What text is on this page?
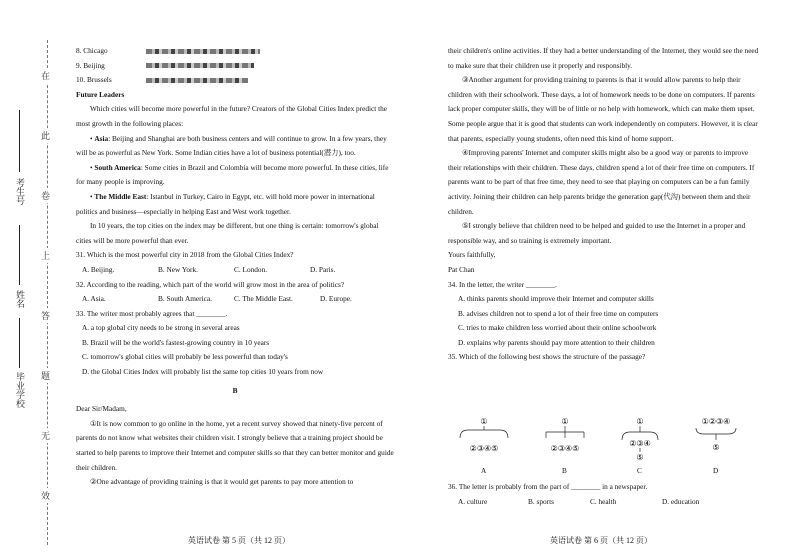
在
此
卷
上
答
题
无
效
考生号
姓名
毕业学校

8. Chicago

9. Beijing

10. Brussels

Future Leaders

Which cities will become more powerful in the future? Creators of the Global Cities Index predict the most growth in the following places:

• Asia: Beijing and Shanghai are both business centers and will continue to grow. In a few years, they will be as powerful as New York. Some Indian cities have a lot of business potential(潜力), too.

• South America: Some cities in Brazil and Colombia will become more powerful. In these cities, life for many people is improving.

• The Middle East: Istanbul in Turkey, Cairo in Egypt, etc. will hold more power in international politics and business—especially in helping East and West work together.

In 10 years, the top cities on the index may be different, but one thing is certain: tomorrow's global cities will be more powerful than ever.

31. Which is the most powerful city in 2018 from the Global Cities Index?

A. Beijing.	B. New York.	C. London.	D. Paris.

32. According to the reading, which part of the world will grow most in the area of politics?

A. Asia.	B. South America.	C. The Middle East.	D. Europe.

33. The writer most probably agrees that ________.

A. a top global city needs to be strong in several areas

B. Brazil will be the world's fastest-growing country in 10 years

C. tomorrow's global cities will probably be less powerful than today's

D. the Global Cities Index will probably list the same top cities 10 years from now

B

Dear Sir/Madam,

①It is now common to go online in the home, yet a recent survey showed that ninety-five percent of parents do not know what websites their children visit. I strongly believe that a training project should be started to help parents to improve their Internet and computer skills so that they can better monitor and guide their children.

②One advantage of providing training is that it would get parents to pay more attention to

英语试卷 第 5 页（共 12 页）

their children's online activities. If they had a better understanding of the Internet, they would see the need to make sure that their children use it properly and responsibly.

③Another argument for providing training to parents is that it would allow parents to help their children with their schoolwork. These days, a lot of homework needs to be done on computers. If parents lack proper computer skills, they will be of little or no help with homework, which can make them upset. Some people argue that it is good that students can work independently on computers. However, it is clear that parents, especially young students, often need this kind of home support.

④Improving parents' Internet and computer skills might also be a good way or parents to improve their relationships with their children. These days, children spend a lot of their free time on computers. If parents want to be part of that free time, they need to see that playing on computers can be a fun family activity. Joining their children can help parents bridge the generation gap(代沟) between them and their children.

⑤I strongly believe that children need to be helped and guided to use the Internet in a proper and responsible way, and so training is extremely important.

Yours faithfully,

Pat Chan

34. In the letter, the writer ________.

A. thinks parents should improve their Internet and computer skills

B. advises children not to spend a lot of their free time on computers

C. tries to make children less worried about their online schoolwork

D. explains why parents should pay more attention to their children

35. Which of the following best shows the structure of the passage?

①
②③④⑤
①
②③④⑤
①
②③④
⑤
①②③④
⑤
A	B	C	D

36. The letter is probably from the part of ________ in a newspaper.

A. culture	B. sports	C. health	D. education

英语试卷 第 6 页（共 12 页）
